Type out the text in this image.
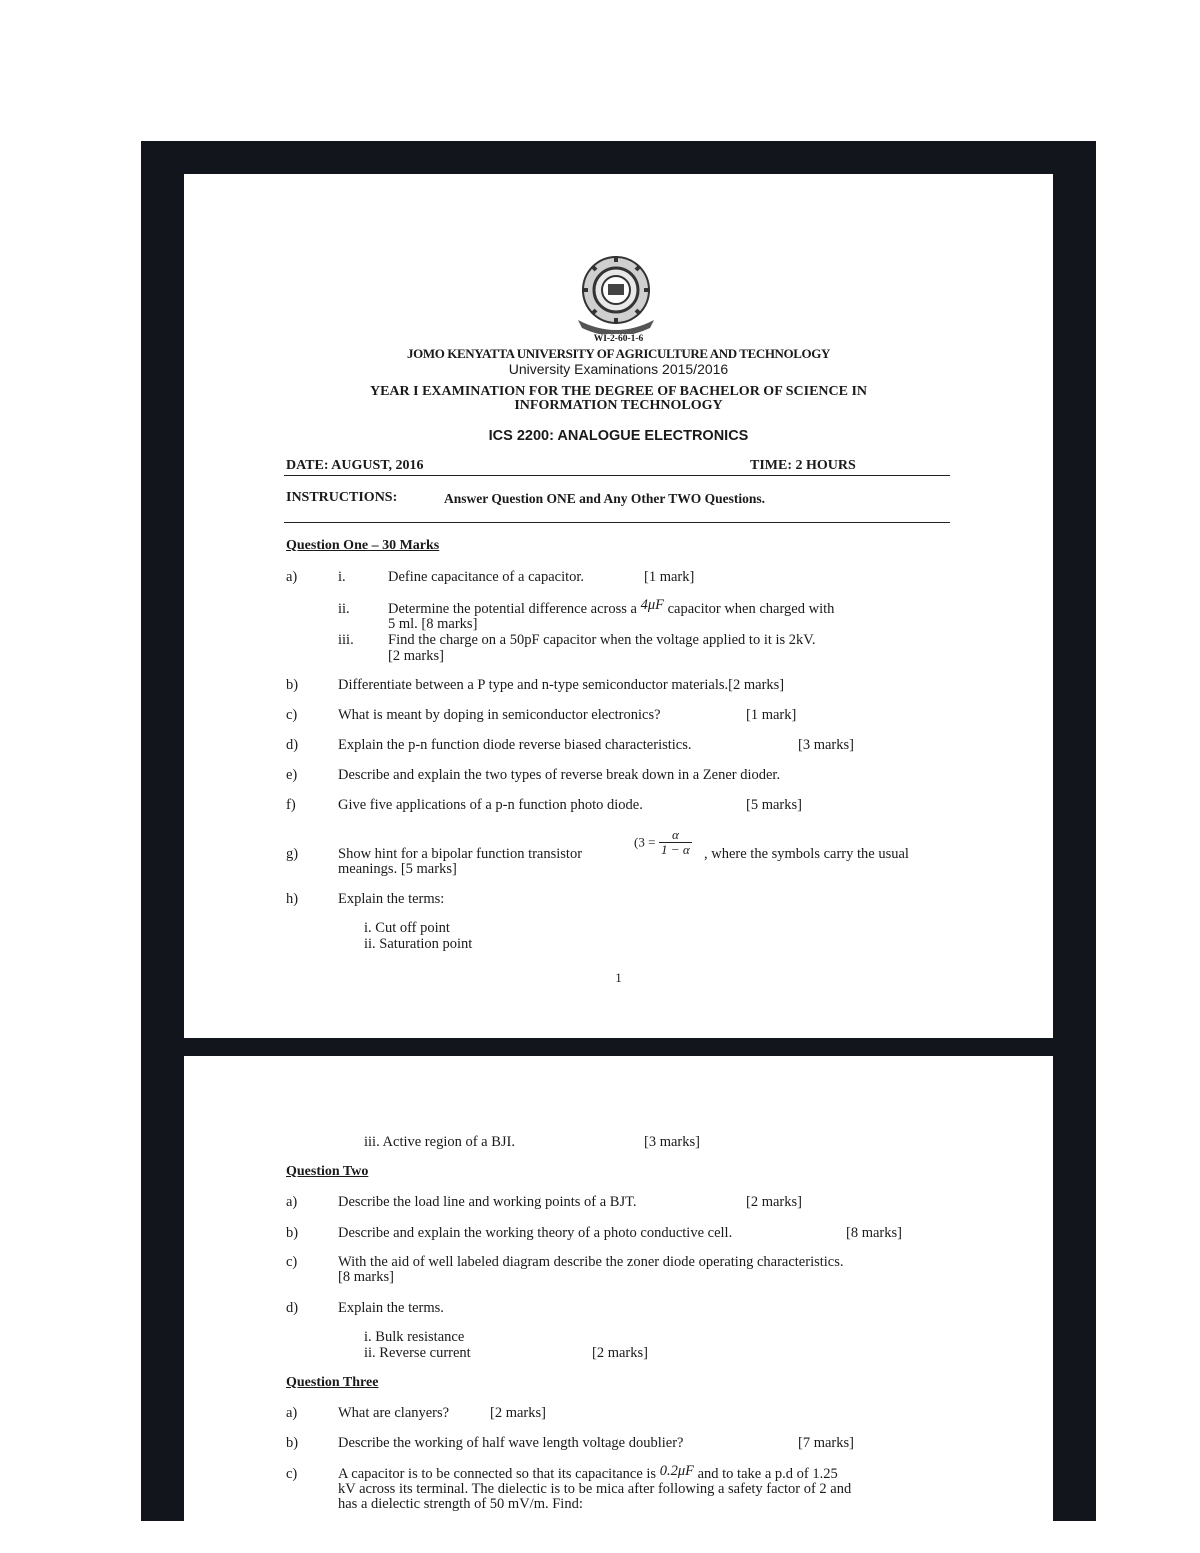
WI-2-60-1-6
JOMO KENYATTA UNIVERSITY OF AGRICULTURE AND TECHNOLOGY
University Examinations 2015/2016
YEAR I EXAMINATION FOR THE DEGREE OF BACHELOR OF SCIENCE IN
INFORMATION TECHNOLOGY
ICS 2200: ANALOGUE ELECTRONICS
DATE: AUGUST, 2016	TIME: 2 HOURS
INSTRUCTIONS:	Answer Question ONE and Any Other TWO Questions.
Question One – 30 Marks
a)	i.	Define capacitance of a capacitor.	[1 mark]
ii.	Determine the potential difference across a 4μF capacitor when charged with
5 ml. [8 marks]
iii. Find the charge on a 50pF capacitor when the voltage applied to it is 2kV.
[2 marks]
b)	Differentiate between a P type and n-type semiconductor materials.[2 marks]
c)	What is meant by doping in semiconductor electronics?	[1 mark]
d)	Explain the p-n function diode reverse biased characteristics.	[3 marks]
e)	Describe and explain the two types of reverse break down in a Zener dioder.
f)	Give five applications of a p-n function photo diode.	[5 marks]
g)	Show hint for a bipolar function transistor
($3 = \frac{\alpha}{1 - \alpha}$ , where the symbols carry the usual
meanings. [5 marks]
h)	Explain the terms:
i. Cut off point
ii. Saturation point
1
iii. Active region of a BJI.	[3 marks]
Question Two
a)	Describe the load line and working points of a BJT.	[2 marks]
b)	Describe and explain the working theory of a photo conductive cell.	[8 marks]
c)	With the aid of well labeled diagram describe the zoner diode operating characteristics.
[8 marks]
d)	Explain the terms.
i. Bulk resistance
ii. Reverse current	[2 marks]
Question Three
a)	What are clanyers?	[2 marks]
b)	Describe the working of half wave length voltage doublier?	[7 marks]
c)	A capacitor is to be connected so that its capacitance is 0.2μF and to take a p.d of 1.25
kV across its terminal. The dielectic is to be mica after following a safety factor of 2 and
has a dielectic strength of 50 mV/m. Find:
